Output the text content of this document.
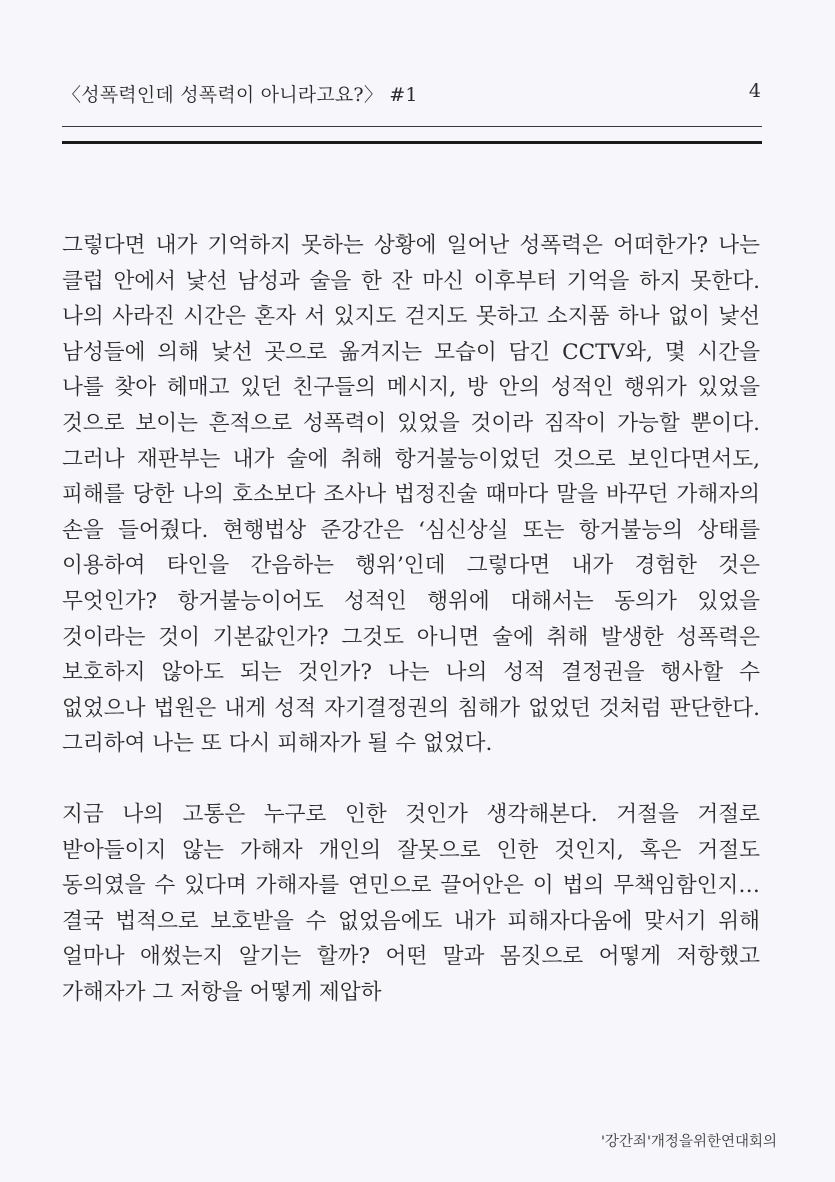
〈성폭력인데 성폭력이 아니라고요?〉 #1	4

그렇다면 내가 기억하지 못하는 상황에 일어난 성폭력은 어떠한가? 나는 클럽 안에서 낯선 남성과 술을 한 잔 마신 이후부터 기억을 하지 못한다. 나의 사라진 시간은 혼자 서 있지도 걷지도 못하고 소지품 하나 없이 낯선 남성들에 의해 낯선 곳으로 옮겨지는 모습이 담긴 CCTV와, 몇 시간을 나를 찾아 헤매고 있던 친구들의 메시지, 방 안의 성적인 행위가 있었을 것으로 보이는 흔적으로 성폭력이 있었을 것이라 짐작이 가능할 뿐이다. 그러나 재판부는 내가 술에 취해 항거불능이었던 것으로 보인다면서도, 피해를 당한 나의 호소보다 조사나 법정진술 때마다 말을 바꾸던 가해자의 손을 들어줬다. 현행법상 준강간은 ‘심신상실 또는 항거불능의 상태를 이용하여 타인을 간음하는 행위’인데 그렇다면 내가 경험한 것은 무엇인가? 항거불능이어도 성적인 행위에 대해서는 동의가 있었을 것이라는 것이 기본값인가? 그것도 아니면 술에 취해 발생한 성폭력은 보호하지 않아도 되는 것인가? 나는 나의 성적 결정권을 행사할 수 없었으나 법원은 내게 성적 자기결정권의 침해가 없었던 것처럼 판단한다. 그리하여 나는 또 다시 피해자가 될 수 없었다.

지금 나의 고통은 누구로 인한 것인가 생각해본다. 거절을 거절로 받아들이지 않는 가해자 개인의 잘못으로 인한 것인지, 혹은 거절도 동의였을 수 있다며 가해자를 연민으로 끌어안은 이 법의 무책임함인지… 결국 법적으로 보호받을 수 없었음에도 내가 피해자다움에 맞서기 위해 얼마나 애썼는지 알기는 할까? 어떤 말과 몸짓으로 어떻게 저항했고 가해자가 그 저항을 어떻게 제압하

'강간죄'개정을위한연대회의
